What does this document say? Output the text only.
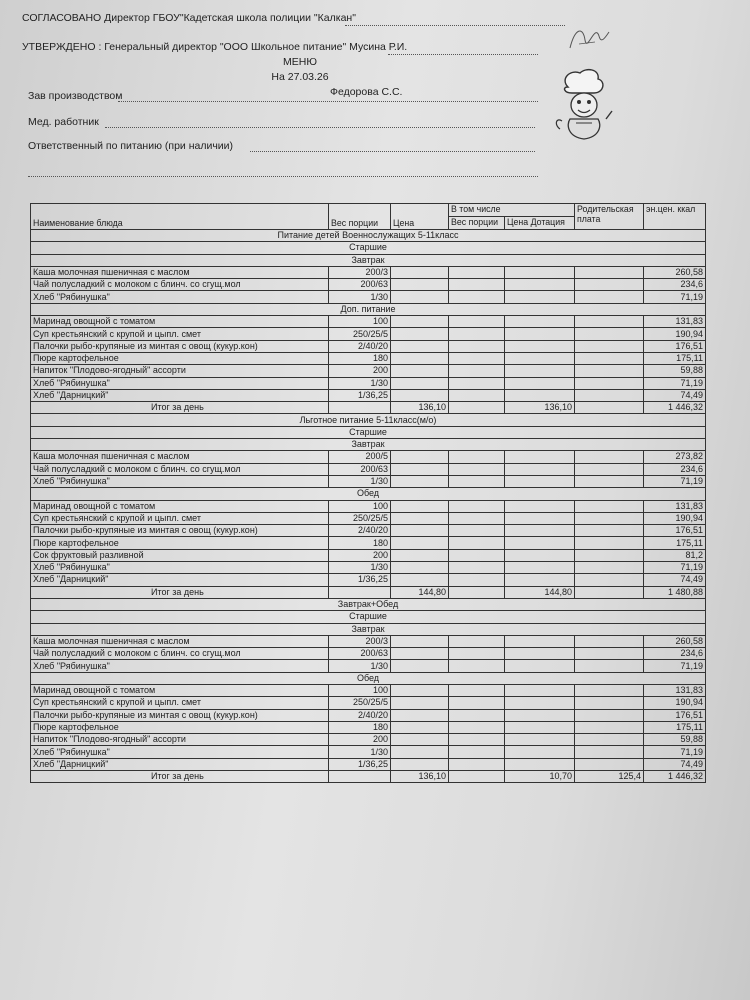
СОГЛАСОВАНО Директор ГБОУ"Кадетская школа полиции "Калкан"
УТВЕРЖДЕНО : Генеральный директор "ООО Школьное питание" Мусина Р.И.
МЕНЮ
На 27.03.26
Зав производством	Федорова С.С.
Мед. работник
Ответственный по питанию (при наличии)
Наименование блюда	Вес порции	Цена	В том числе		Родительская плата	эн.цен. ккал
			Вес порции	Цена Дотация		
Питание детей Военнослужащих 5-11класс						
Старшие						
Завтрак						
Каша молочная пшеничная с маслом	200/3					260,58
Чай полусладкий с молоком с блинч. со сгущ.мол	200/63					234,6
Хлеб "Рябинушка"	1/30					71,19
Доп. питание						
Маринад овощной с томатом	100					131,83
Суп крестьянский с крупой и цыпл. смет	250/25/5					190,94
Палочки рыбо-крупяные из минтая с овощ (кукур.кон)	2/40/20					176,51
Пюре картофельное	180					175,11
Напиток "Плодово-ягодный" ассорти	200					59,88
Хлеб "Рябинушка"	1/30					71,19
Хлеб "Дарницкий"	1/36,25					74,49
Итог за день		136,10		136,10		1 446,32
Льготное питание 5-11класс(м/о)						
Старшие						
Завтрак						
Каша молочная пшеничная с маслом	200/5					273,82
Чай полусладкий с молоком с блинч. со сгущ.мол	200/63					234,6
Хлеб "Рябинушка"	1/30					71,19
Обед						
Маринад овощной с томатом	100					131,83
Суп крестьянский с крупой и цыпл. смет	250/25/5					190,94
Палочки рыбо-крупяные из минтая с овощ (кукур.кон)	2/40/20					176,51
Пюре картофельное	180					175,11
Сок фруктовый разливной	200					81,2
Хлеб "Рябинушка"	1/30					71,19
Хлеб "Дарницкий"	1/36,25					74,49
Итог за день		144,80		144,80		1 480,88
Завтрак+Обед						
Старшие						
Завтрак						
Каша молочная пшеничная с маслом	200/3					260,58
Чай полусладкий с молоком с блинч. со сгущ.мол	200/63					234,6
Хлеб "Рябинушка"	1/30					71,19
Обед						
Маринад овощной с томатом	100					131,83
Суп крестьянский с крупой и цыпл. смет	250/25/5					190,94
Палочки рыбо-крупяные из минтая с овощ (кукур.кон)	2/40/20					176,51
Пюре картофельное	180					175,11
Напиток "Плодово-ягодный" ассорти	200					59,88
Хлеб "Рябинушка"	1/30					71,19
Хлеб "Дарницкий"	1/36,25					74,49
Итог за день		136,10		10,70	125,4	1 446,32
